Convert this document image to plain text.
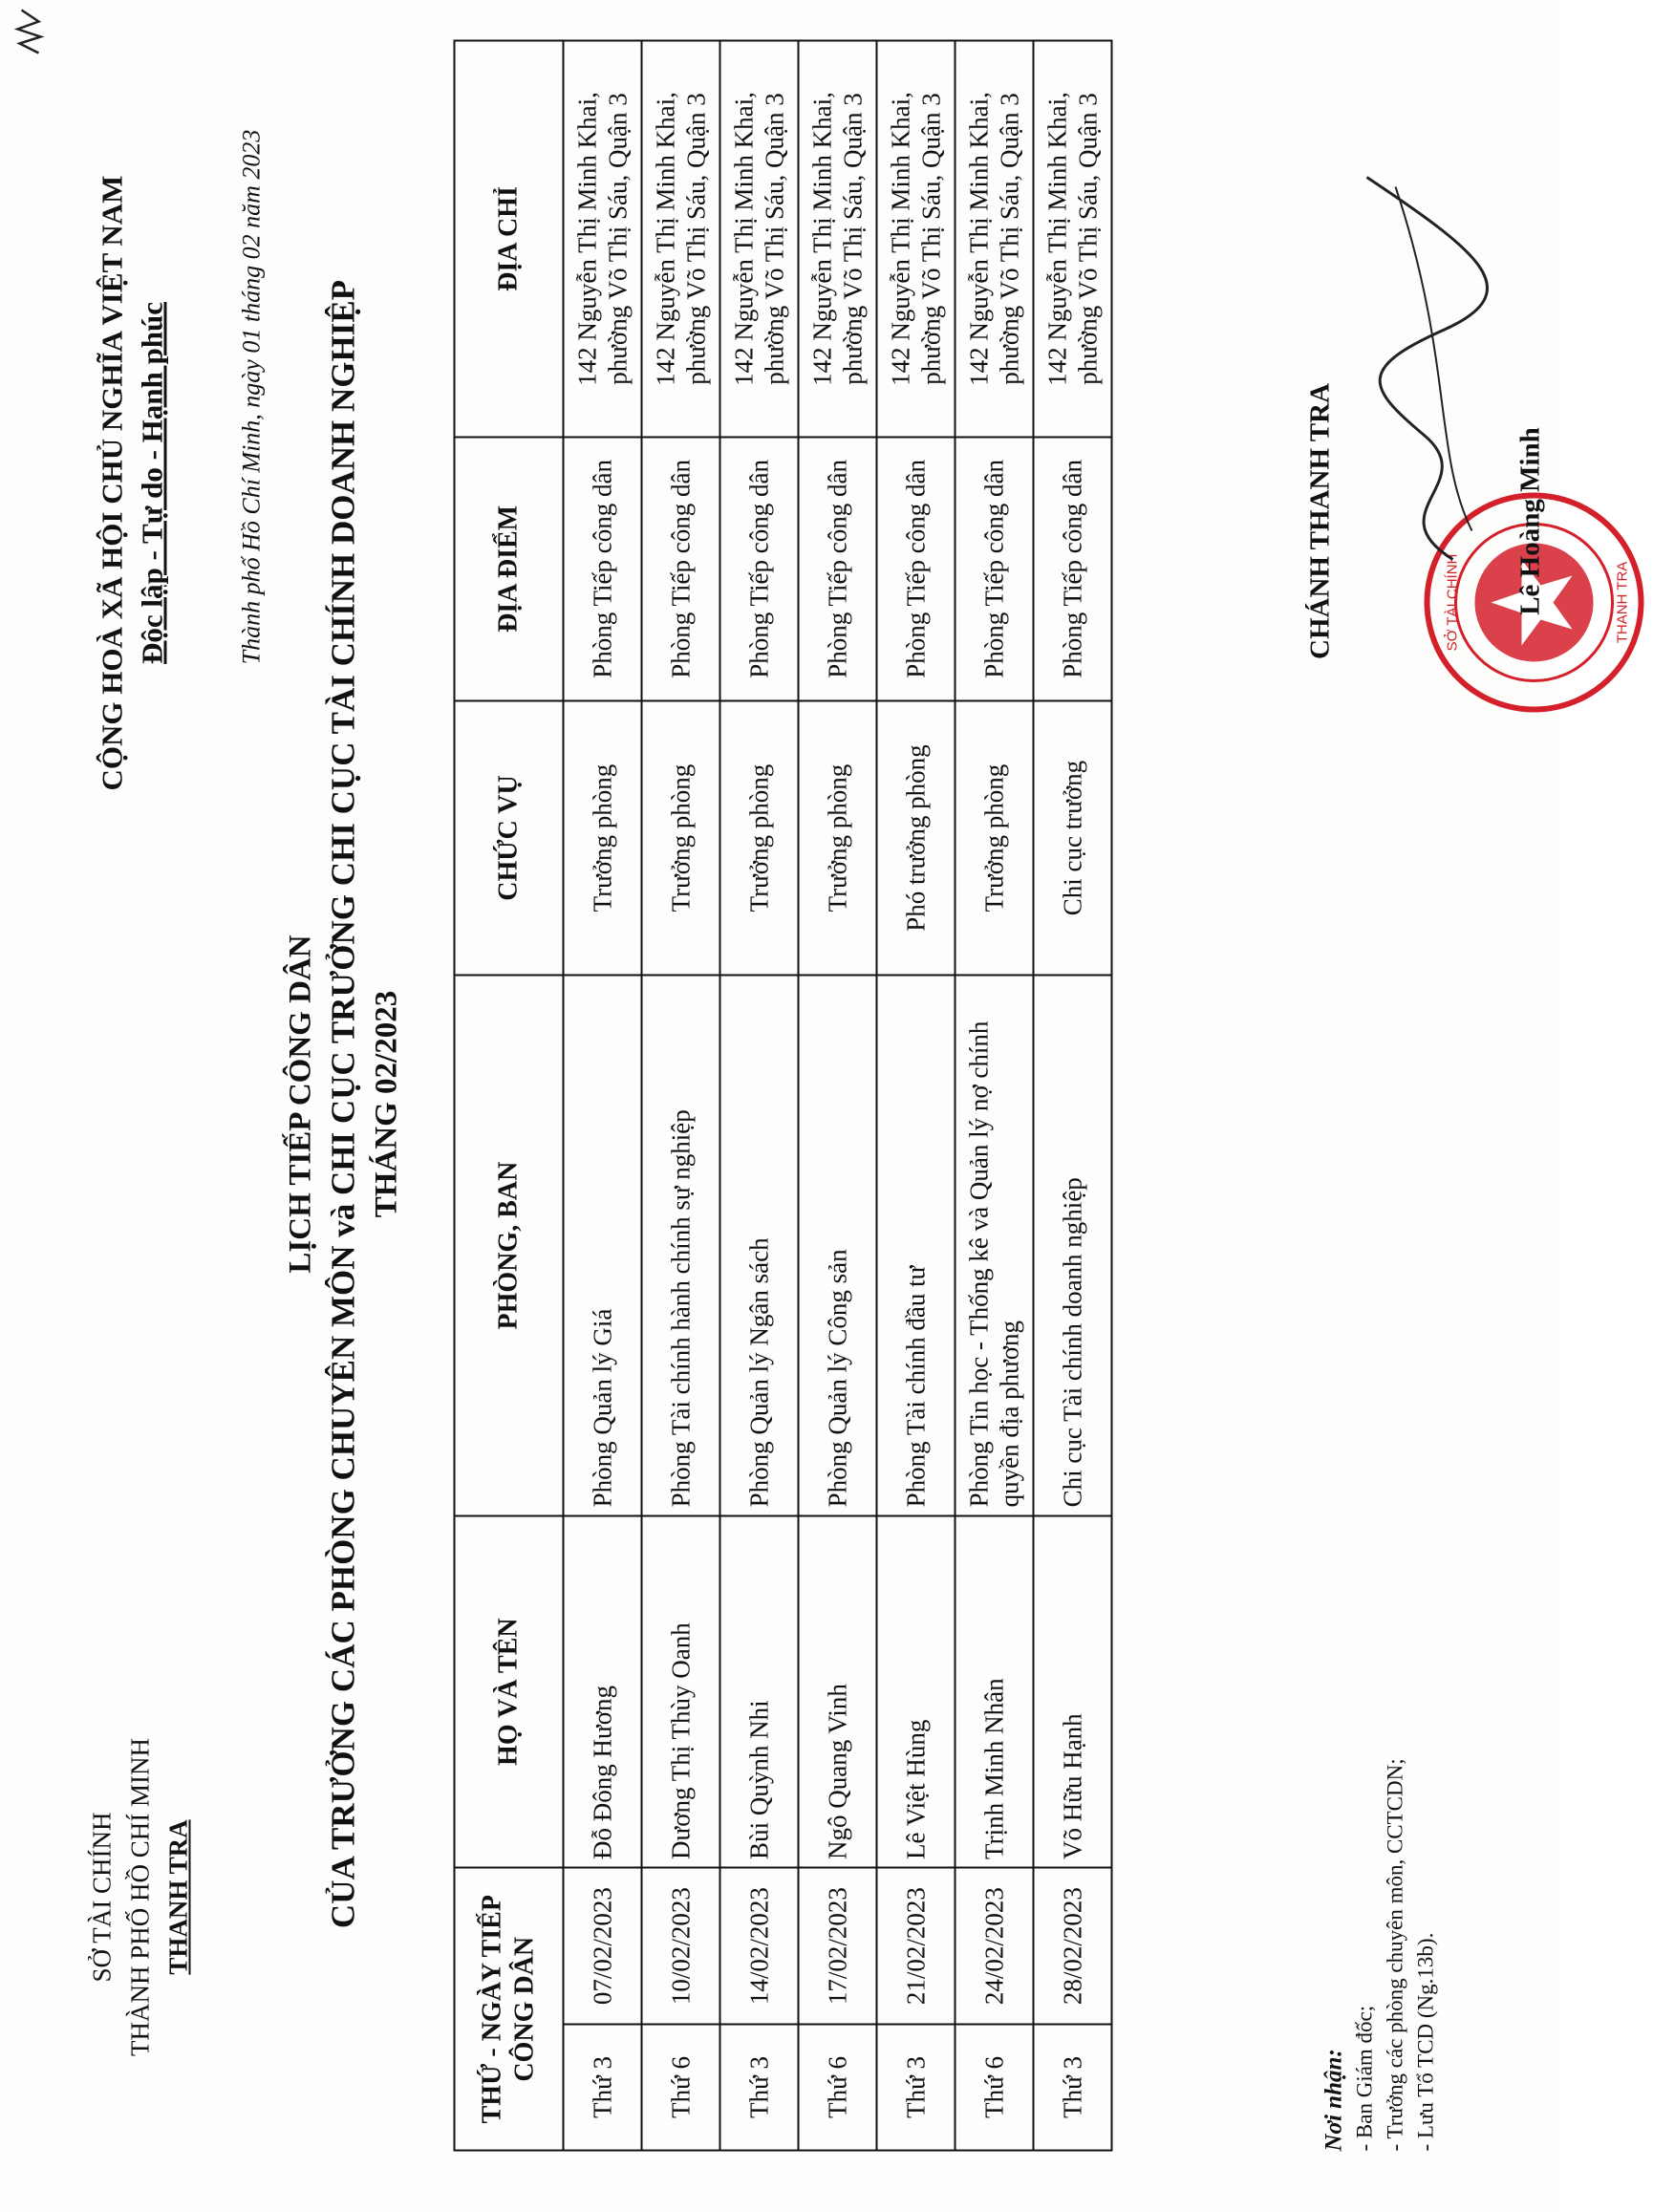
SỞ TÀI CHÍNH THÀNH PHỐ HỒ CHÍ MINH THANH TRA
CỘNG HOÀ XÃ HỘI CHỦ NGHĨA VIỆT NAM Độc lập - Tự do - Hạnh phúc	Thành phố Hồ Chí Minh, ngày 01 tháng 02 năm 2023
LỊCH TIẾP CÔNG DÂN CỦA TRƯỞNG CÁC PHÒNG CHUYÊN MÔN và CHI CỤC TRƯỞNG CHI CỤC TÀI CHÍNH DOANH NGHIỆP THÁNG 02/2023
THỨ - NGÀY TIẾP CÔNG DÂN		HỌ VÀ TÊN	PHÒNG, BAN	CHỨC VỤ	ĐỊA ĐIỂM	ĐỊA CHỈ
Thứ 3	07/02/2023	Đỗ Đông Hương	Phòng Quản lý Giá	Trưởng phòng	Phòng Tiếp công dân	142 Nguyễn Thị Minh Khai, phường Võ Thị Sáu, Quận 3
Thứ 6	10/02/2023	Dương Thị Thùy Oanh	Phòng Tài chính hành chính sự nghiệp	Trưởng phòng	Phòng Tiếp công dân	142 Nguyễn Thị Minh Khai, phường Võ Thị Sáu, Quận 3
Thứ 3	14/02/2023	Bùi Quỳnh Nhi	Phòng Quản lý Ngân sách	Trưởng phòng	Phòng Tiếp công dân	142 Nguyễn Thị Minh Khai, phường Võ Thị Sáu, Quận 3
Thứ 6	17/02/2023	Ngô Quang Vinh	Phòng Quản lý Công sản	Trưởng phòng	Phòng Tiếp công dân	142 Nguyễn Thị Minh Khai, phường Võ Thị Sáu, Quận 3
Thứ 3	21/02/2023	Lê Việt Hùng	Phòng Tài chính đầu tư	Phó trưởng phòng	Phòng Tiếp công dân	142 Nguyễn Thị Minh Khai, phường Võ Thị Sáu, Quận 3
Thứ 6	24/02/2023	Trịnh Minh Nhân	Phòng Tin học - Thống kê và Quản lý nợ chính quyền địa phương	Trưởng phòng	Phòng Tiếp công dân	142 Nguyễn Thị Minh Khai, phường Võ Thị Sáu, Quận 3
Thứ 3	28/02/2023	Võ Hữu Hạnh	Chi cục Tài chính doanh nghiệp	Chi cục trưởng	Phòng Tiếp công dân	142 Nguyễn Thị Minh Khai, phường Võ Thị Sáu, Quận 3
Nơi nhận: - Ban Giám đốc; - Trưởng các phòng chuyên môn, CCTCDN; - Lưu Tổ TCD (Ng.13b).
CHÁNH THANH TRA	SỞ TÀI CHÍNH	THANH TRA
Lê Hoàng Minh
